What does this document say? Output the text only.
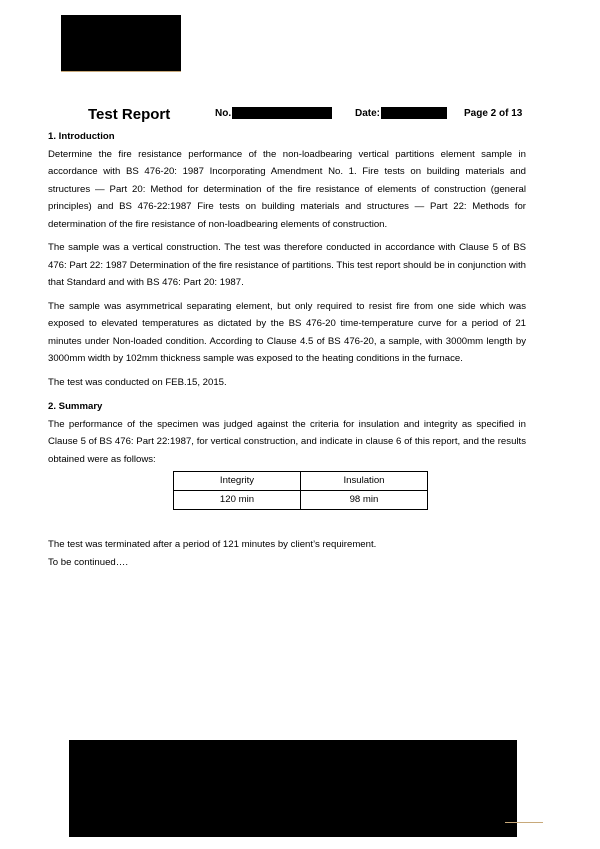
Test Report	No.	Date:	Page 2 of 13
1. Introduction

Determine the fire resistance performance of the non-loadbearing vertical partitions element sample in accordance with BS 476-20: 1987 Incorporating Amendment No. 1. Fire tests on building materials and structures — Part 20: Method for determination of the fire resistance of elements of construction (general principles) and BS 476-22:1987 Fire tests on building materials and structures — Part 22: Methods for determination of the fire resistance of non-loadbearing elements of construction.

The sample was a vertical construction. The test was therefore conducted in accordance with Clause 5 of BS 476: Part 22: 1987 Determination of the fire resistance of partitions. This test report should be in conjunction with that Standard and with BS 476: Part 20: 1987.

The sample was asymmetrical separating element, but only required to resist fire from one side which was exposed to elevated temperatures as dictated by the BS 476-20 time-temperature curve for a period of 21 minutes under Non-loaded condition. According to Clause 4.5 of BS 476-20, a sample, with 3000mm length by 3000mm width by 102mm thickness sample was exposed to the heating conditions in the furnace.

The test was conducted on FEB.15, 2015.

2. Summary

The performance of the specimen was judged against the criteria for insulation and integrity as specified in Clause 5 of BS 476: Part 22:1987, for vertical construction, and indicate in clause 6 of this report, and the results obtained were as follows:

Integrity	Insulation
120 min	98 min

The test was terminated after a period of 121 minutes by client’s requirement.

To be continued….
